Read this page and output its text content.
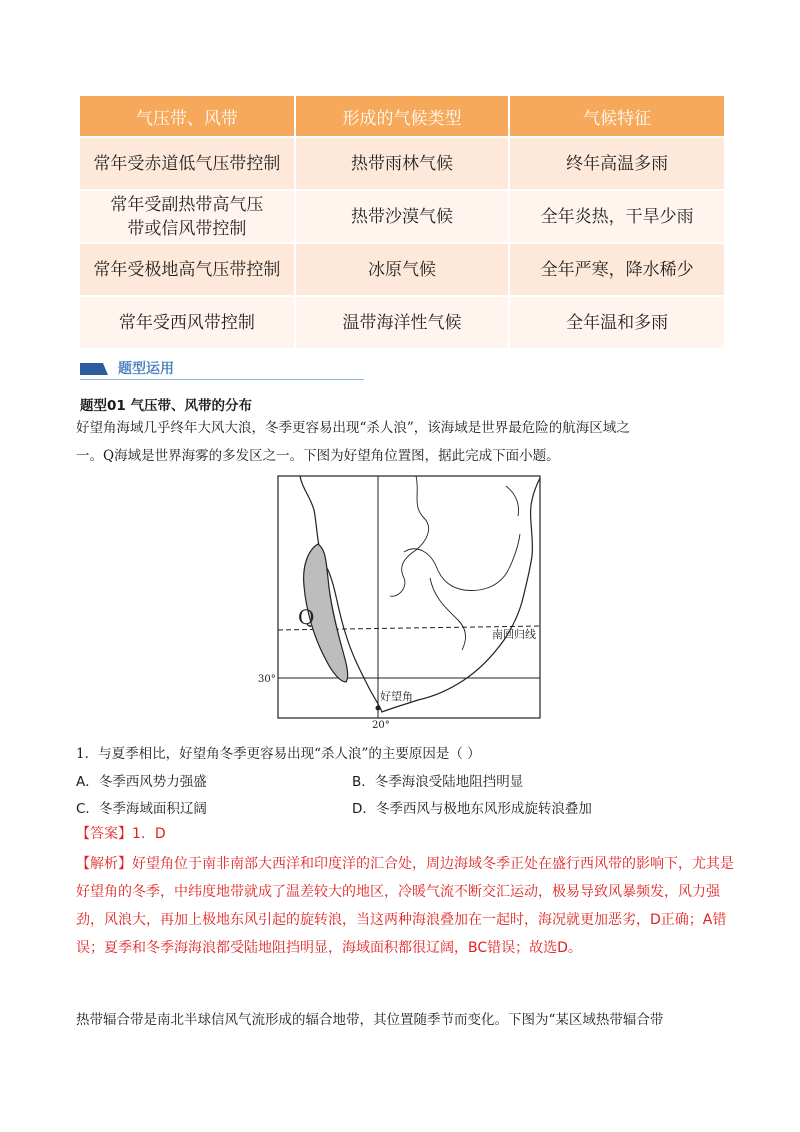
气压带、风带	形成的气候类型	气候特征
常年受赤道低气压带控制	热带雨林气候	终年高温多雨
常年受副热带高气压带或信风带控制	热带沙漠气候	全年炎热，干旱少雨
常年受极地高气压带控制	冰原气候	全年严寒，降水稀少
常年受西风带控制	温带海洋性气候	全年温和多雨
题型运用
题型01 气压带、风带的分布
好望角海域几乎终年大风大浪，冬季更容易出现“杀人浪”，该海域是世界最危险的航海区域之
一。Q海域是世界海雾的多发区之一。下图为好望角位置图，据此完成下面小题。
Q
南回归线
30°
好望角
20°
1．与夏季相比，好望角冬季更容易出现“杀人浪”的主要原因是（ ）
A．冬季西风势力强盛	B．冬季海浪受陆地阻挡明显
C．冬季海域面积辽阔	D．冬季西风与极地东风形成旋转浪叠加
【答案】1．D
【解析】好望角位于南非南部大西洋和印度洋的汇合处，周边海域冬季正处在盛行西风带的影响下，尤其是好望角的冬季，中纬度地带就成了温差较大的地区，冷暖气流不断交汇运动，极易导致风暴频发，风力强劲，风浪大，再加上极地东风引起的旋转浪，当这两种海浪叠加在一起时，海况就更加恶劣，D正确；A错误；夏季和冬季海海浪都受陆地阻挡明显，海域面积都很辽阔，BC错误；故选D。
热带辐合带是南北半球信风气流形成的辐合地带，其位置随季节而变化。下图为“某区域热带辐合带
